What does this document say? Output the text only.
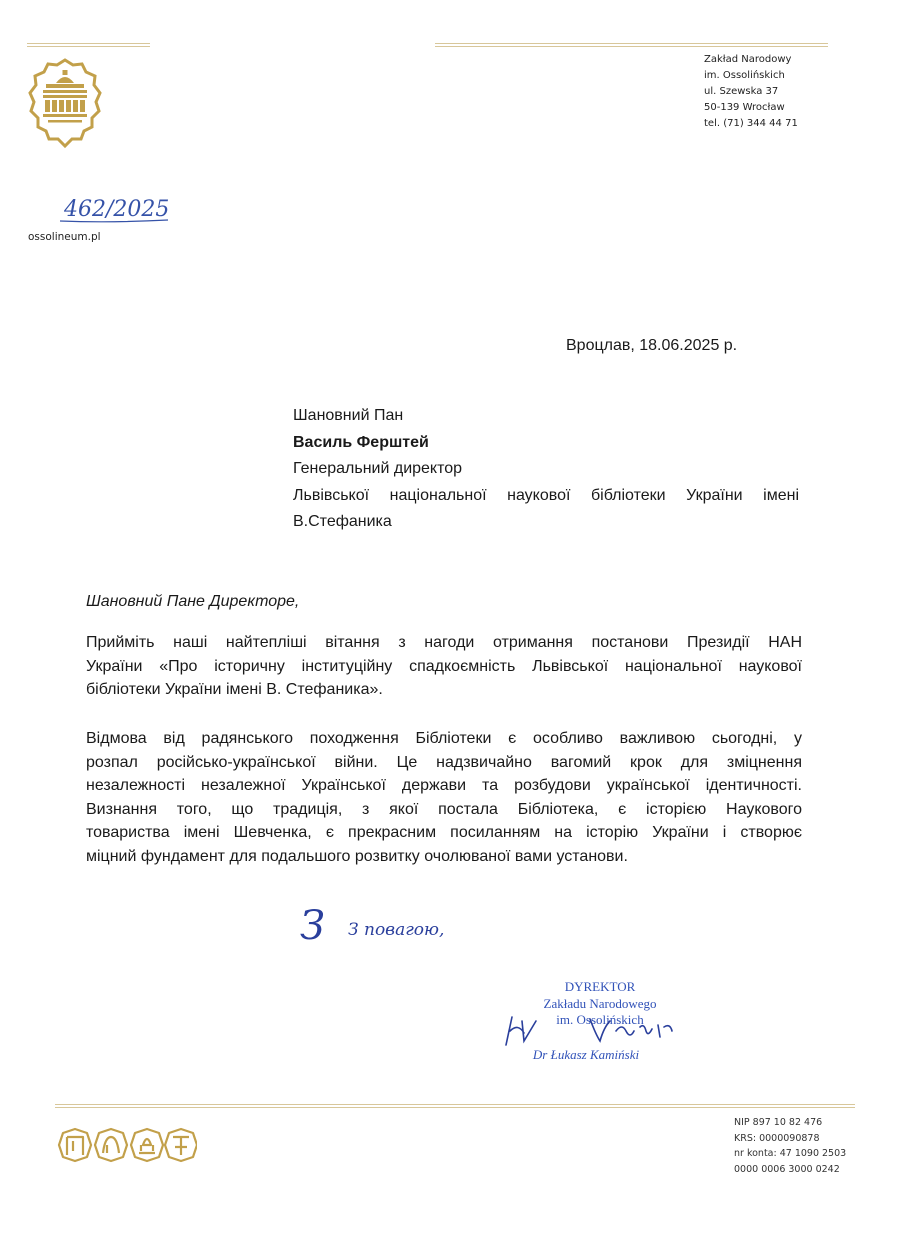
Zakład Narodowy
im. Ossolińskich
ul. Szewska 37
50-139 Wrocław
tel. (71) 344 44 71
462/2025
ossolineum.pl
Вроцлав, 18.06.2025 р.
Шановний Пан
Василь Ферштей
Генеральний директор
Львівської національної наукової бібліотеки України імені
В.Стефаника
Шановний Пане Директоре,
Прийміть наші найтепліші вітання з нагоди отримання постанови Президії НАН
України «Про історичну інституційну спадкоємність Львівської національної наукової
бібліотеки України імені В. Стефаника».
Відмова від радянського походження Бібліотеки є особливо важливою сьогодні, у
розпал російсько-української війни. Це надзвичайно вагомий крок для зміцнення
незалежності незалежної Української держави та розбудови української ідентичності.
Визнання того, що традиція, з якої постала Бібліотека, є історією Наукового
товариства імені Шевченка, є прекрасним посиланням на історію України і створює
міцний фундамент для подальшого розвитку очолюваної вами установи.
З З повагою,
DYREKTOR
Zakładu Narodowego
im. Ossolińskich
Dr Łukasz Kamiński
NIP 897 10 82 476
KRS: 0000090878
nr konta: 47 1090 2503
0000 0006 3000 0242
